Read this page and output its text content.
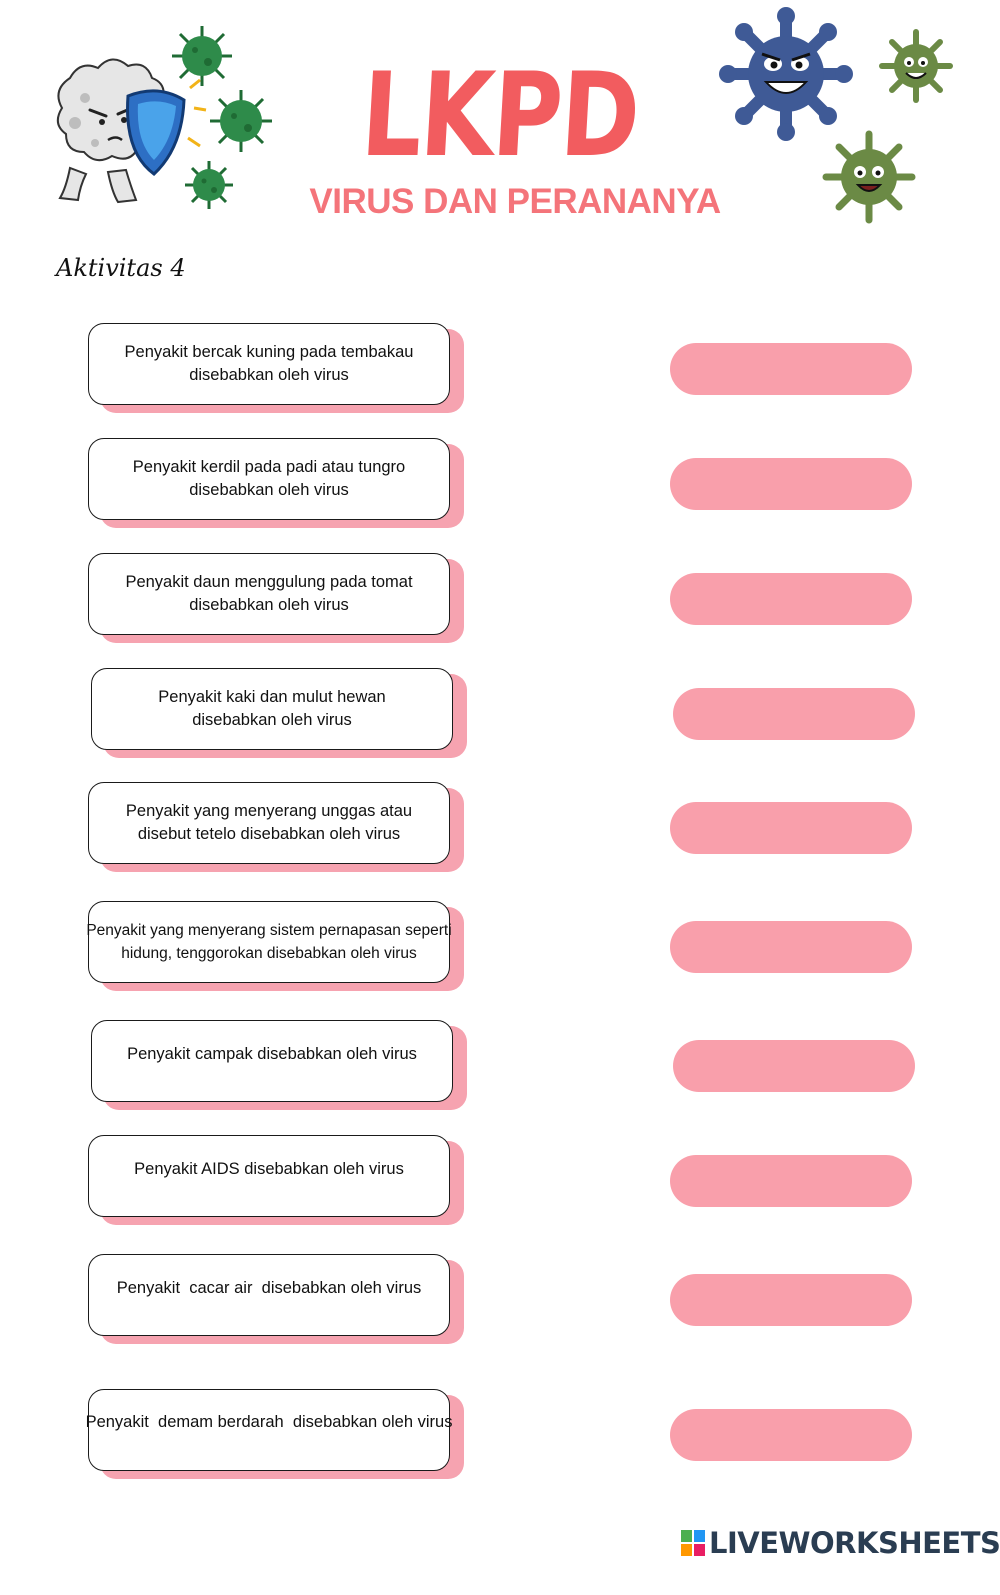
LKPD
VIRUS DAN PERANANYA
Aktivitas 4
Penyakit bercak kuning pada tembakau
disebabkan oleh virus
Penyakit kerdil pada padi atau tungro
disebabkan oleh virus
Penyakit daun menggulung pada tomat
disebabkan oleh virus
Penyakit kaki dan mulut hewan
disebabkan oleh virus
Penyakit yang menyerang unggas atau
disebut tetelo disebabkan oleh virus
Penyakit yang menyerang sistem pernapasan seperti
hidung, tenggorokan disebabkan oleh virus
Penyakit campak disebabkan oleh virus
Penyakit AIDS disebabkan oleh virus
Penyakit  cacar air  disebabkan oleh virus
Penyakit  demam berdarah  disebabkan oleh virus
LIVEWORKSHEETS
